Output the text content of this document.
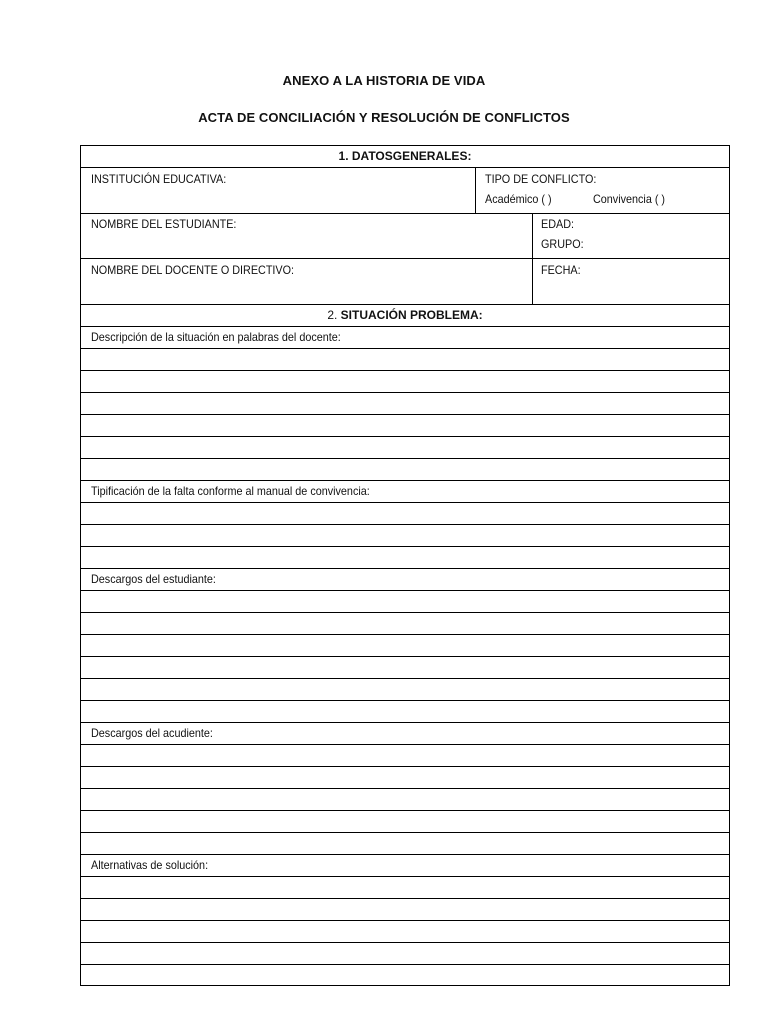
ANEXO A LA HISTORIA DE VIDA
ACTA DE CONCILIACIÓN Y RESOLUCIÓN DE CONFLICTOS
1. DATOSGENERALES:
INSTITUCIÓN EDUCATIVA:	TIPO DE CONFLICTO:
Académico ( )	Convivencia ( )
NOMBRE DEL ESTUDIANTE:	EDAD:
GRUPO:
NOMBRE DEL DOCENTE O DIRECTIVO:	FECHA:
2. SITUACIÓN PROBLEMA:
Descripción de la situación en palabras del docente:
Tipificación de la falta conforme al manual de convivencia:
Descargos del estudiante:
Descargos del acudiente:
Alternativas de solución:
